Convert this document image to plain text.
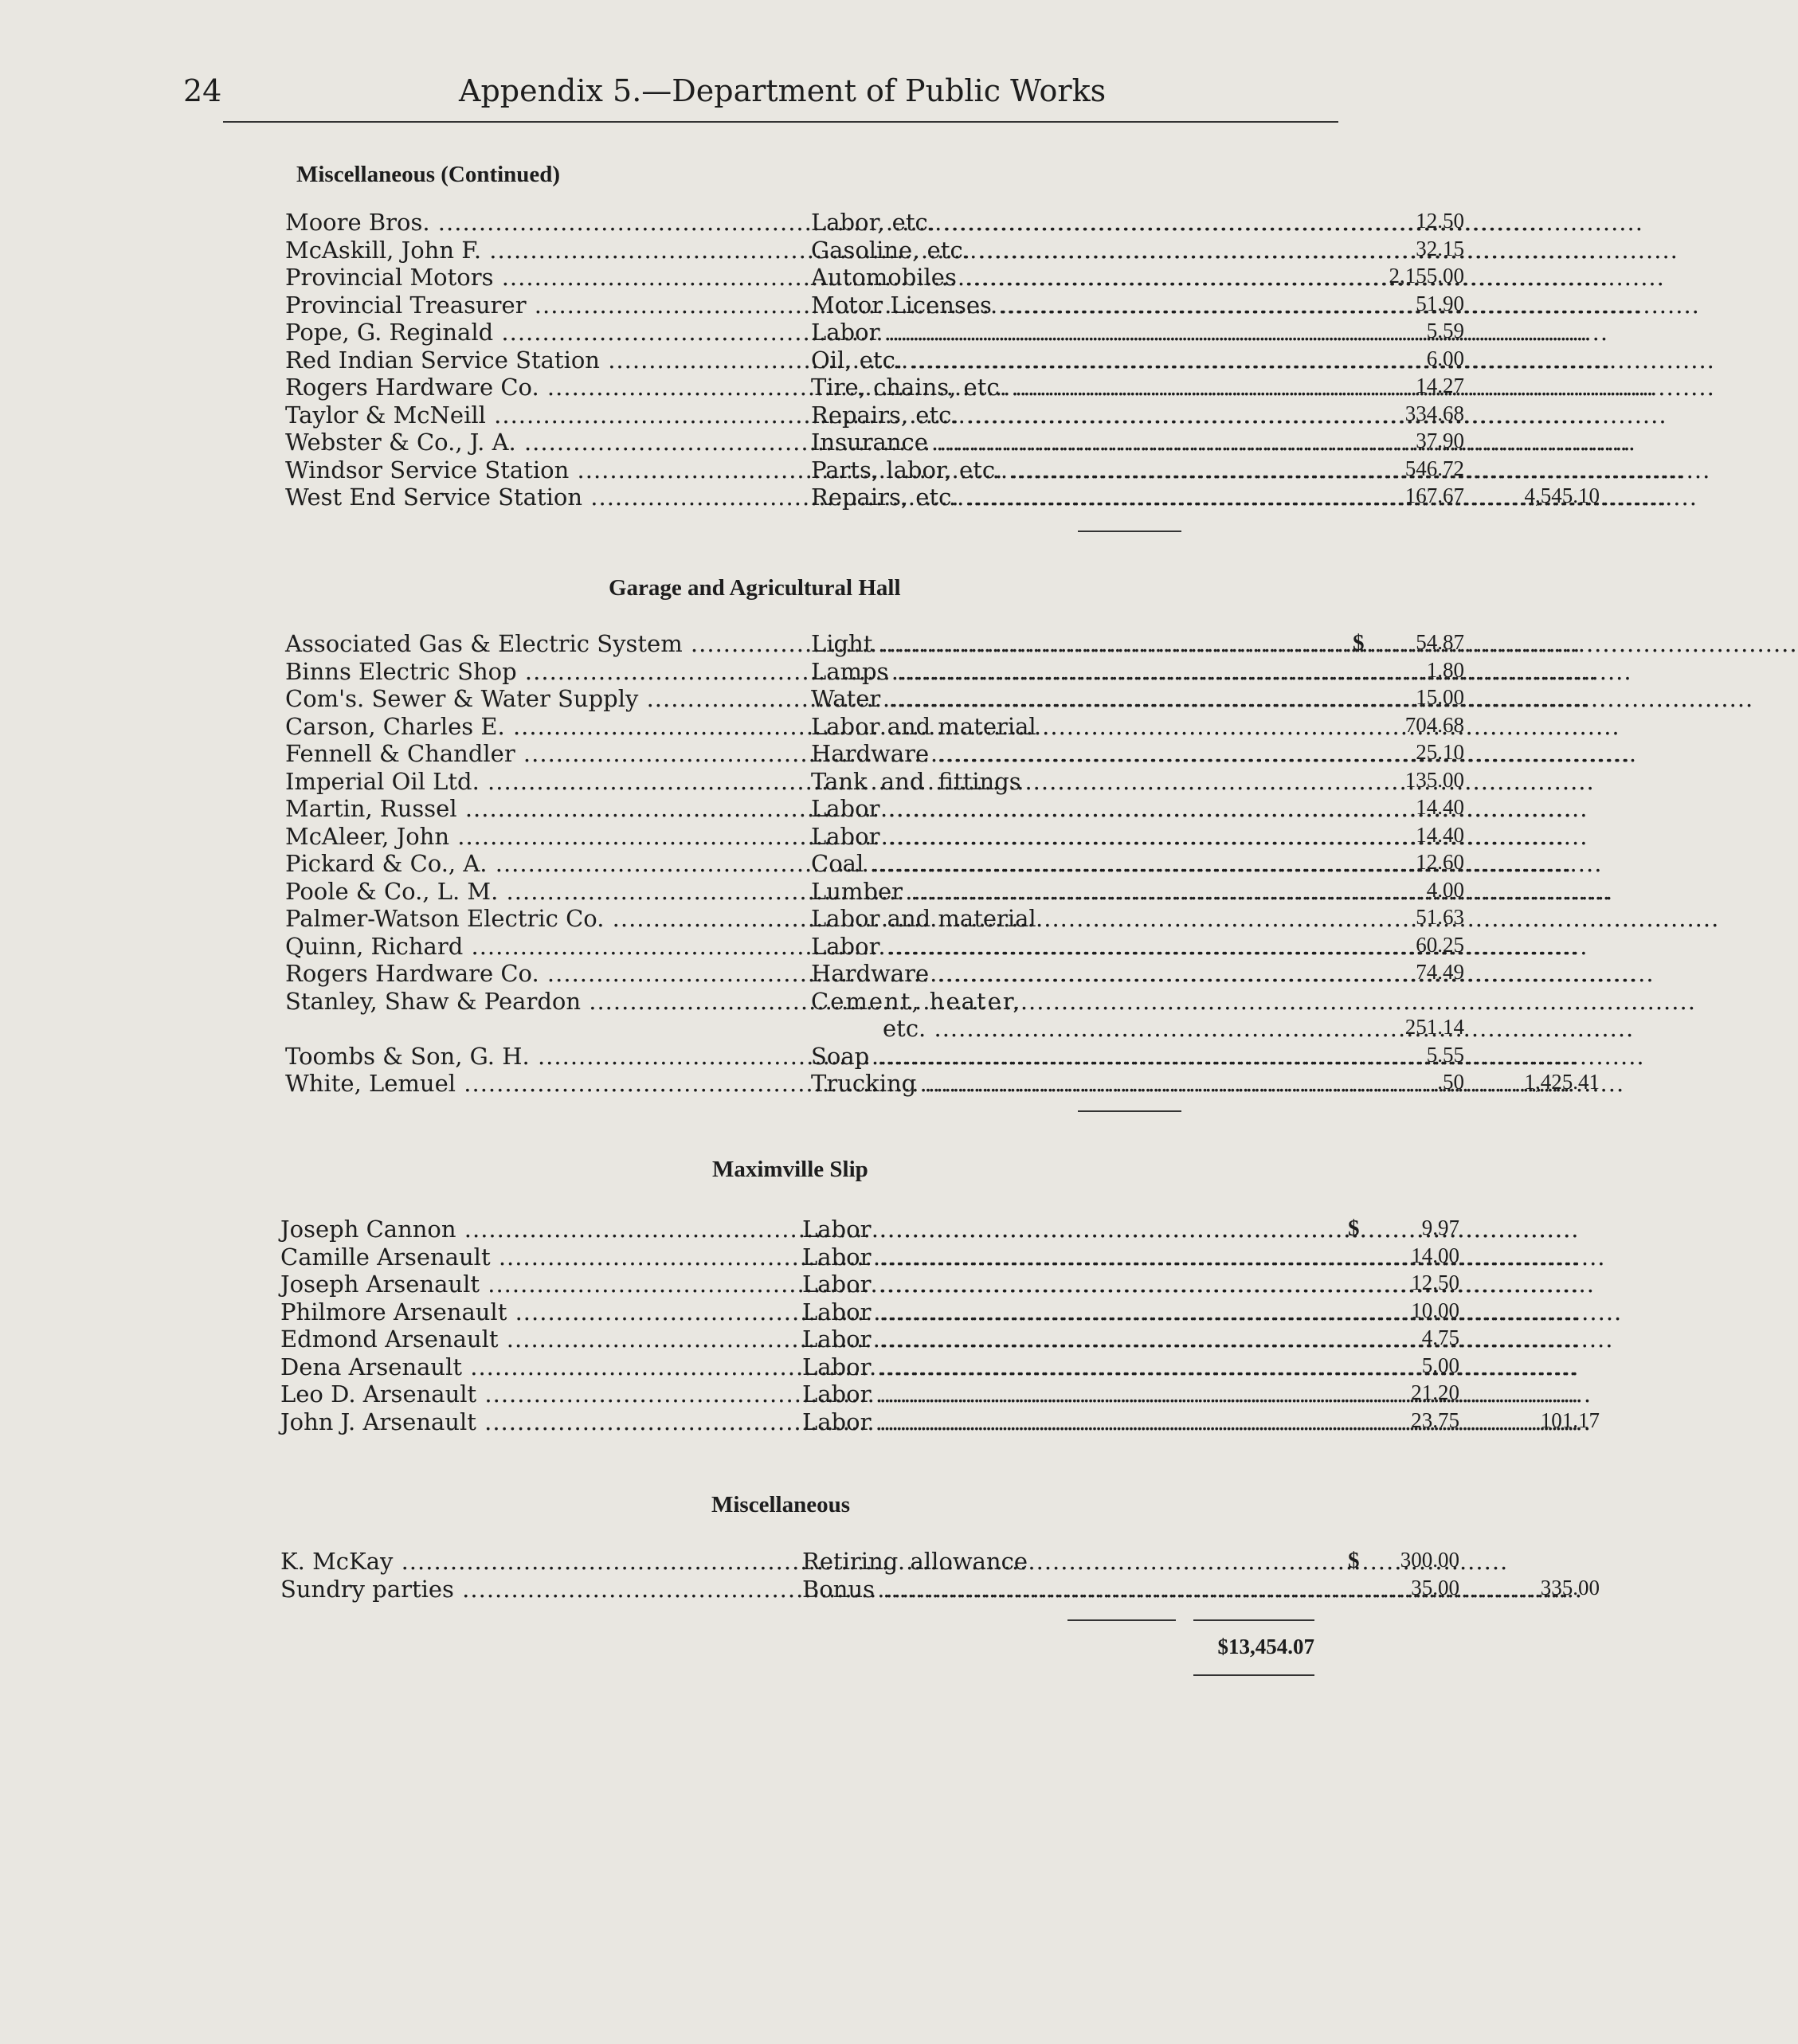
24	Appendix 5.—Department of Public Works
Miscellaneous (Continued)
Moore Bros. .....	Labor, etc. .....	12.50
McAskill, John F. .....	Gasoline, etc. .....	32.15
Provincial Motors .....	Automobiles .....	2,155.00
Provincial Treasurer .....	Motor Licenses .....	51.90
Pope, G. Reginald .....	Labor .....	5.59
Red Indian Service Station .....	Oil, etc. .....	6.00
Rogers Hardware Co. .....	Tire, chains, etc. .....	14.27
Taylor & McNeill .....	Repairs, etc. .....	334.68
Webster & Co., J. A. .....	Insurance .....	37.90
Windsor Service Station .....	Parts, labor, etc. .....	546.72
West End Service Station .....	Repairs, etc. .....	167.67	4,545.10
Garage and Agricultural Hall
Associated Gas & Electric System .....	Light .....	$	54.87
Binns Electric Shop .....	Lamps .....	1.80
Com's. Sewer & Water Supply .....	Water .....	15.00
Carson, Charles E. .....	Labor and material	704.68
Fennell & Chandler .....	Hardware .....	25.10
Imperial Oil Ltd. .....	Tank and fittings	135.00
Martin, Russel .....	Labor .....	14.40
McAleer, John .....	Labor .....	14.40
Pickard & Co., A. .....	Coal .....	12.60
Poole & Co., L. M. .....	Lumber .....	4.00
Palmer-Watson Electric Co. .....	Labor and material	51.63
Quinn, Richard .....	Labor .....	60.25
Rogers Hardware Co. .....	Hardware .....	74.49
Stanley, Shaw & Peardon .....	Cement, heater,
etc. .....	251.14
Toombs & Son, G. H. .....	Soap .....	5.55
White, Lemuel .....	Trucking .....	.50	1,425.41
Maximville Slip
Joseph Cannon .....	Labor .....	$	9.97
Camille Arsenault .....	Labor .....	14.00
Joseph Arsenault .....	Labor .....	12.50
Philmore Arsenault .....	Labor .....	10.00
Edmond Arsenault .....	Labor .....	4.75
Dena Arsenault .....	Labor .....	5.00
Leo D. Arsenault .....	Labor .....	21.20
John J. Arsenault .....	Labor .....	23.75	101.17
Miscellaneous
K. McKay .....	Retiring allowance	$	300.00
Sundry parties .....	Bonus .....	35.00	335.00
$13,454.07
